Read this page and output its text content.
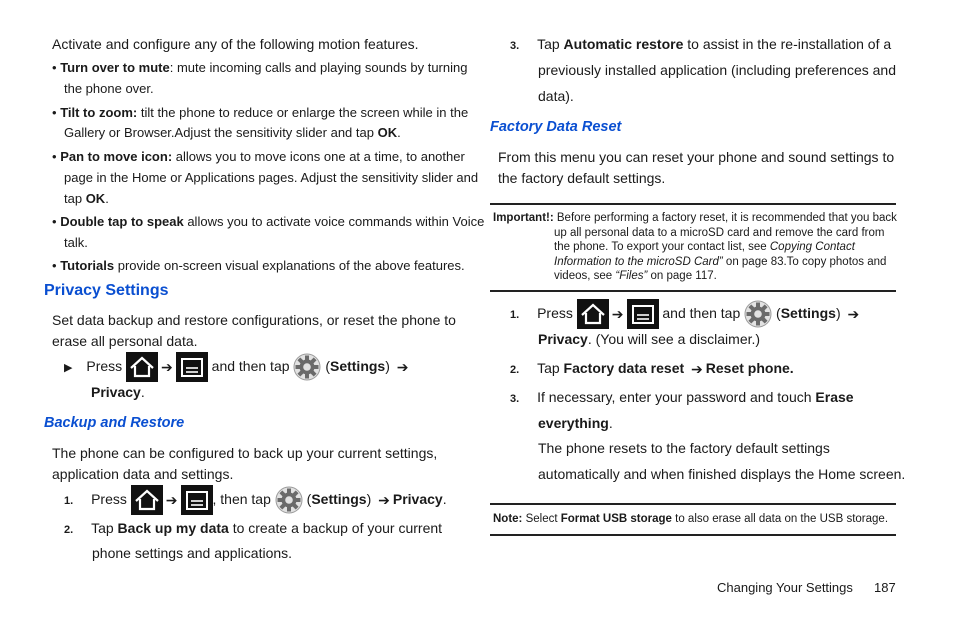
Activate and configure any of the following motion features.
• Turn over to mute: mute incoming calls and playing sounds by turning
the phone over.
• Tilt to zoom: tilt the phone to reduce or enlarge the screen while in the
Gallery or Browser.Adjust the sensitivity slider and tap OK.
• Pan to move icon: allows you to move icons one at a time, to another
page in the Home or Applications pages. Adjust the sensitivity slider and
tap OK.
• Double tap to speak allows you to activate voice commands within Voice
talk.
• Tutorials provide on-screen visual explanations of the above features.
Privacy Settings
Set data backup and restore configurations, or reset the phone to
erase all personal data.
▶ Press	➔	and then tap	(Settings) ➔
Privacy.
Backup and Restore
The phone can be configured to back up your current settings,
application data and settings.
1. Press	➔	, then tap	(Settings) ➔ Privacy.
2. Tap Back up my data to create a backup of your current
phone settings and applications.
3. Tap Automatic restore to assist in the re-installation of a
previously installed application (including preferences and
data).
Factory Data Reset
From this menu you can reset your phone and sound settings to
the factory default settings.
Important!: Before performing a factory reset, it is recommended that you back
up all personal data to a microSD card and remove the card from
the phone. To export your contact list, see Copying Contact
Information to the microSD Card” on page 83.To copy photos and
videos, see “Files” on page 117.
1. Press	➔	and then tap	(Settings) ➔
Privacy. (You will see a disclaimer.)
2. Tap Factory data reset ➔ Reset phone.
3. If necessary, enter your password and touch Erase
everything.
The phone resets to the factory default settings
automatically and when finished displays the Home screen.
Note: Select Format USB storage to also erase all data on the USB storage.
Changing Your Settings 187
